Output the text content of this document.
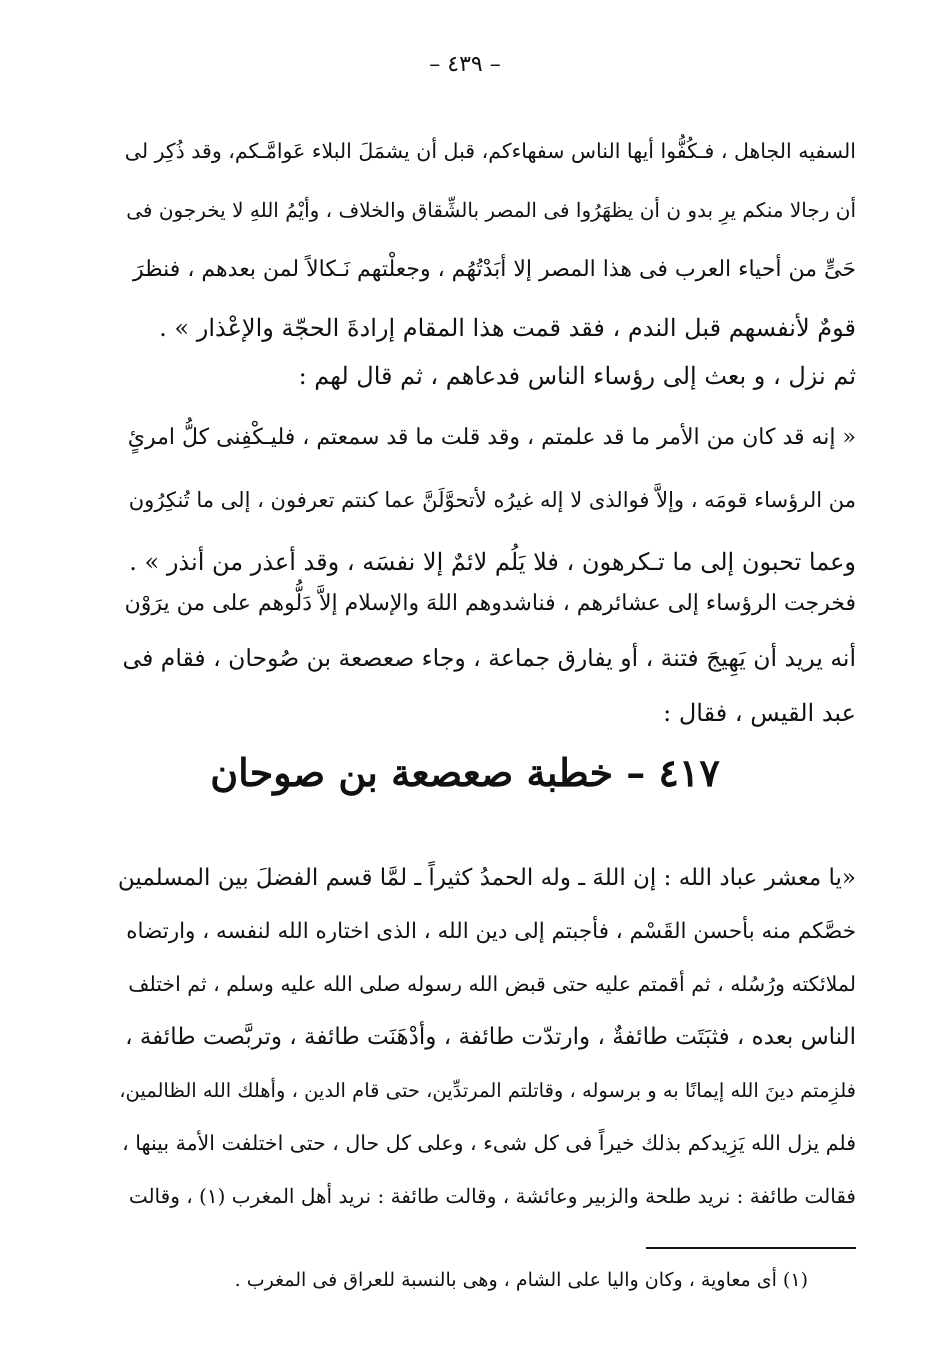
– ٤٣٩ –
السفيه الجاهل ، فـكُفُّوا أيها الناس سفهاءكم، قبل أن يشمَلَ البلاء عَوامَّـكم، وقد ذُكِر لى
أن رجالا منكم يرِ بدو ن أن يظهَرُوا فى المصر بالشِّقاق والخلاف ، وأيْمُ اللهِ لا يخرجون فى
حَىٍّ من أحياء العرب فى هذا المصر إلا أبَدْتُهُم ، وجعلْتهم نَـكالاً لمن بعدهم ، فنظرَ
قومٌ لأنفسهم قبل الندم ، فقد قمت هذا المقام إرادةَ الحجّة والإعْذار » .
ثم نزل ، و بعث إلى رؤساء الناس فدعاهم ، ثم قال لهم :
« إنه قد كان من الأمر ما قد علمتم ، وقد قلت ما قد سمعتم ، فليـكْفِنى كلُّ امرئٍ
من الرؤساء قومَه ، وإلاَّ فوالذى لا إله غيرُه لأتحوَّلَنَّ عما كنتم تعرفون ، إلى ما تُنكِرُون
وعما تحبون إلى ما تـكرهون ، فلا يَلُم لائمٌ إلا نفسَه ، وقد أعذر من أنذر » .
فخرجت الرؤساء إلى عشائرهم ، فناشدوهم اللهَ والإسلام إلاَّ دَلُّوهم على من يرَوْن
أنه يريد أن يَهِيجَ فتنة ، أو يفارق جماعة ، وجاء صعصعة بن صُوحان ، فقام فى
عبد القيس ، فقال :
٤١٧ – خطبة صعصعة بن صوحان
«يا معشر عباد الله : إن اللهَ ـ وله الحمدُ كثيراً ـ لمَّا قسم الفضلَ بين المسلمين
خصَّكم منه بأحسن القَسْم ، فأجبتم إلى دين الله ، الذى اختاره الله لنفسه ، وارتضاه
لملائكته ورُسُله ، ثم أقمتم عليه حتى قبض الله رسوله صلى الله عليه وسلم ، ثم اختلف
الناس بعده ، فثبَتَت طائفةٌ ، وارتدّت طائفة ، وأدْهَنَت طائفة ، وتربَّصت طائفة ،
فلزِمتم دينَ الله إيمانًا به و برسوله ، وقاتلتم المرتدِّين، حتى قام الدين ، وأهلك الله الظالمين،
فلم يزل الله يَزِيدكم بذلك خيراً فى كل شىء ، وعلى كل حال ، حتى اختلفت الأمة بينها ،
فقالت طائفة : نريد طلحة والزبير وعائشة ، وقالت طائفة : نريد أهل المغرب (١) ، وقالت
(١) أى معاوية ، وكان واليا على الشام ، وهى بالنسبة للعراق فى المغرب .
